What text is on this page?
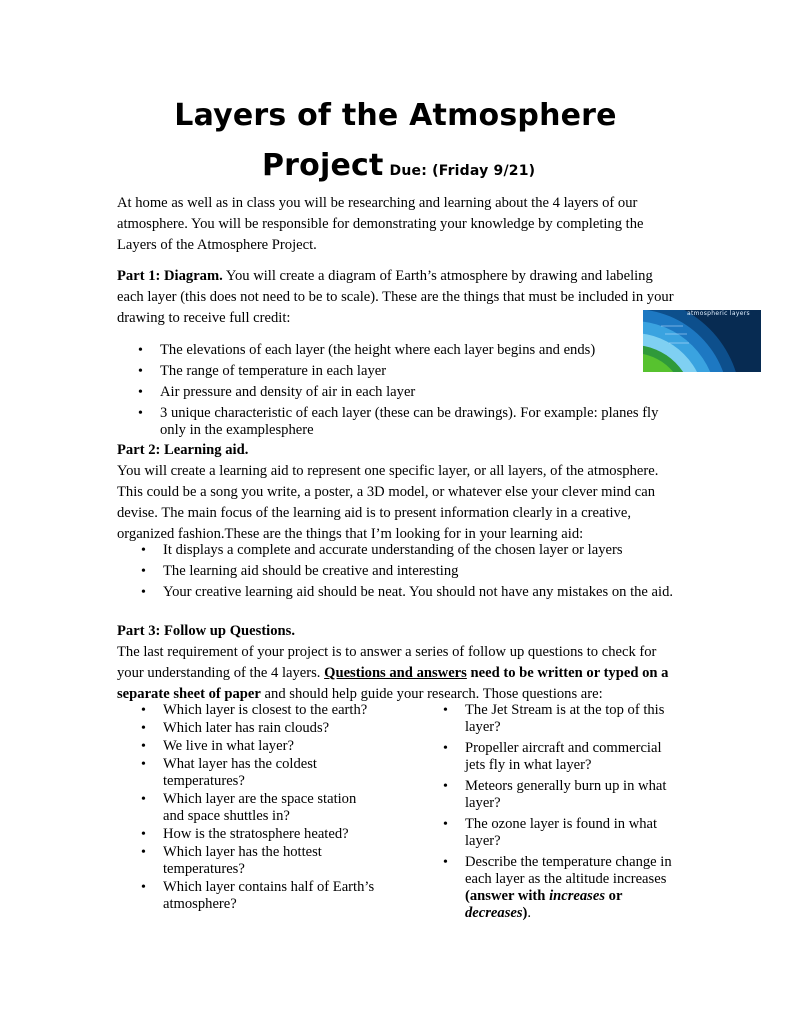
Layers of the Atmosphere
Project Due: (Friday 9/21)

At home as well as in class you will be researching and learning about the 4 layers of our atmosphere. You will be responsible for demonstrating your knowledge by completing the Layers of the Atmosphere Project.

Part 1: Diagram. You will create a diagram of Earth’s atmosphere by drawing and labeling each layer (this does not need to be to scale). These are the things that must be included in your drawing to receive full credit:	atmospheric layers
• The elevations of each layer (the height where each layer begins and ends)
• The range of temperature in each layer
• Air pressure and density of air in each layer
• 3 unique characteristic of each layer (these can be drawings). For example: planes fly only in the examplesphere

Part 2: Learning aid.
You will create a learning aid to represent one specific layer, or all layers, of the atmosphere. This could be a song you write, a poster, a 3D model, or whatever else your clever mind can devise. The main focus of the learning aid is to present information clearly in a creative, organized fashion.These are the things that I’m looking for in your learning aid:

• It displays a complete and accurate understanding of the chosen layer or layers
• The learning aid should be creative and interesting
• Your creative learning aid should be neat. You should not have any mistakes on the aid.

Part 3: Follow up Questions.
The last requirement of your project is to answer a series of follow up questions to check for your understanding of the 4 layers. Questions and answers need to be written or typed on a separate sheet of paper and should help guide your research. Those questions are:

• Which layer is closest to the earth?
• Which later has rain clouds?
• We live in what layer?
• What layer has the coldest temperatures?
• Which layer are the space station and space shuttles in?
• How is the stratosphere heated?
• Which layer has the hottest temperatures?
• Which layer contains half of Earth’s atmosphere?
• The Jet Stream is at the top of this layer?
• Propeller aircraft and commercial jets fly in what layer?
• Meteors generally burn up in what layer?
• The ozone layer is found in what layer?
• Describe the temperature change in each layer as the altitude increases (answer with increases or decreases).
